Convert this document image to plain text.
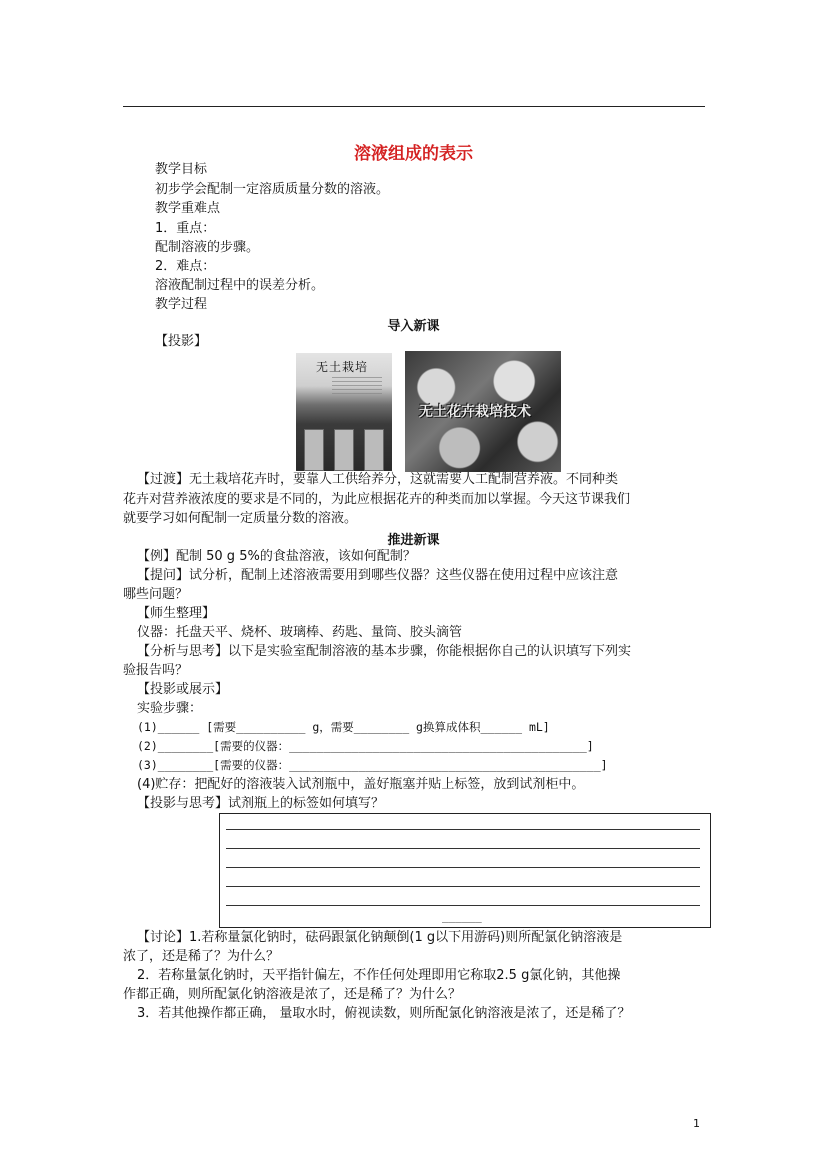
溶液组成的表示
教学目标
初步学会配制一定溶质质量分数的溶液。
教学重难点
1．重点：
配制溶液的步骤。
2．难点：
溶液配制过程中的误差分析。
教学过程
导入新课
【投影】
无土栽培
无土花卉栽培技术
【过渡】无土栽培花卉时，要靠人工供给养分，这就需要人工配制营养液。不同种类
花卉对营养液浓度的要求是不同的，为此应根据花卉的种类而加以掌握。今天这节课我们
就要学习如何配制一定质量分数的溶液。
推进新课
【例】配制 50 g 5%的食盐溶液，该如何配制？
【提问】试分析，配制上述溶液需要用到哪些仪器？这些仪器在使用过程中应该注意
哪些问题？
【师生整理】
仪器：托盘天平、烧杯、玻璃棒、药匙、量筒、胶头滴管
【分析与思考】以下是实验室配制溶液的基本步骤，你能根据你自己的认识填写下列实
验报告吗？
【投影或展示】
实验步骤：
(1)______ [需要__________ g，需要________ g换算成体积______ mL]
(2)________[需要的仪器：___________________________________________]
(3)________[需要的仪器：_____________________________________________]
(4)贮存：把配好的溶液装入试剂瓶中，盖好瓶塞并贴上标签，放到试剂柜中。
【投影与思考】试剂瓶上的标签如何填写？
______
【讨论】1.若称量氯化钠时，砝码跟氯化钠颠倒(1 g以下用游码)则所配氯化钠溶液是
浓了，还是稀了？为什么？
2．若称量氯化钠时，天平指针偏左，不作任何处理即用它称取2.5 g氯化钠，其他操
作都正确，则所配氯化钠溶液是浓了，还是稀了？为什么？
3．若其他操作都正确， 量取水时，俯视读数，则所配氯化钠溶液是浓了，还是稀了？
1
